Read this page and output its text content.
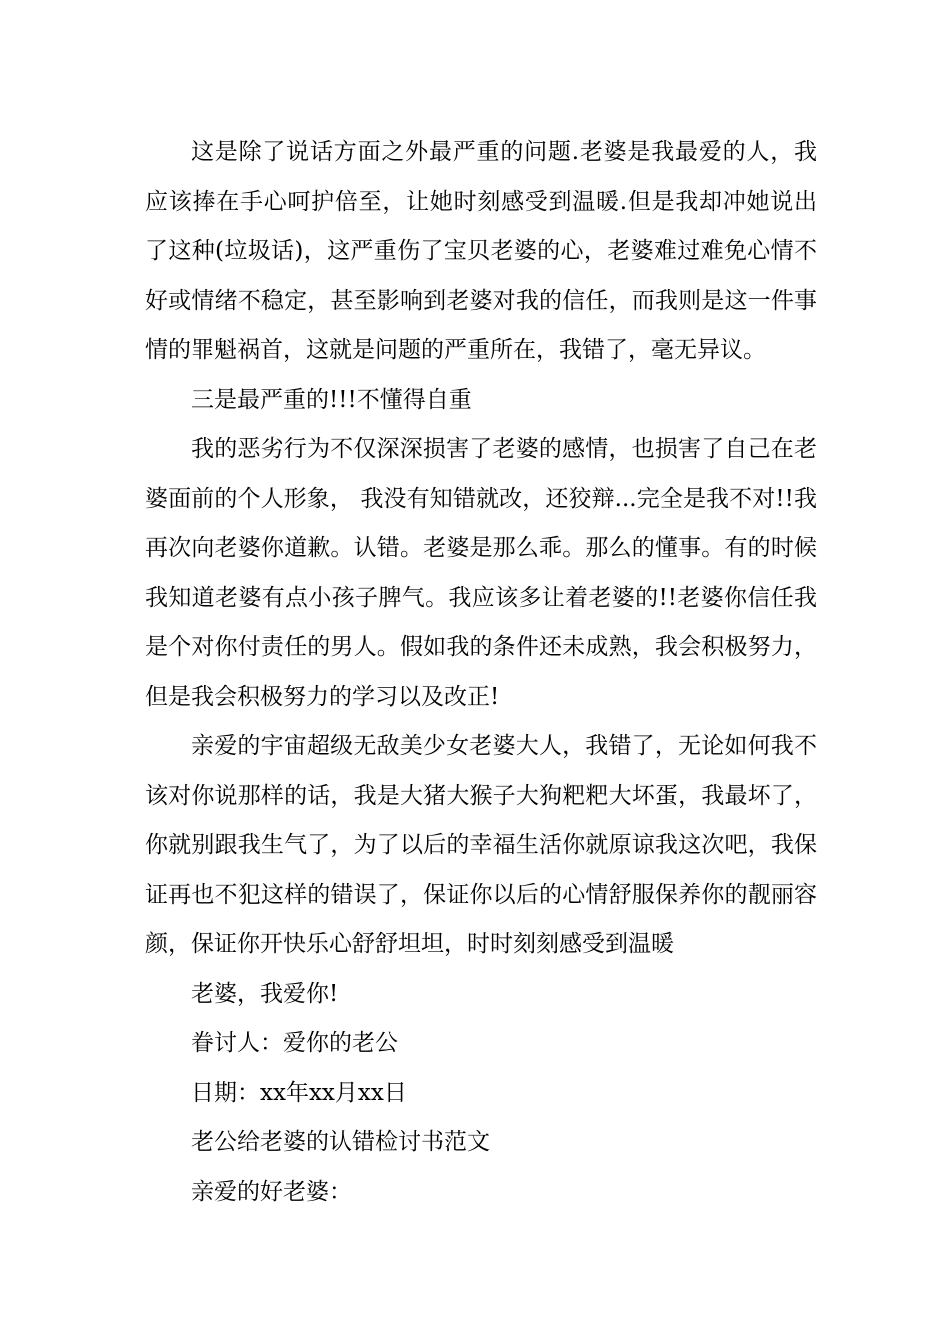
这是除了说话方面之外最严重的问题.老婆是我最爱的人，我应该捧在手心呵护倍至，让她时刻感受到温暖.但是我却冲她说出了这种(垃圾话)，这严重伤了宝贝老婆的心，老婆难过难免心情不好或情绪不稳定，甚至影响到老婆对我的信任，而我则是这一件事情的罪魁祸首，这就是问题的严重所在，我错了，毫无异议。

三是最严重的!!!不懂得自重

我的恶劣行为不仅深深损害了老婆的感情，也损害了自己在老婆面前的个人形象， 我没有知错就改，还狡辩...完全是我不对!!我再次向老婆你道歉。认错。老婆是那么乖。那么的懂事。有的时候我知道老婆有点小孩子脾气。我应该多让着老婆的!!老婆你信任我是个对你付责任的男人。假如我的条件还未成熟，我会积极努力，但是我会积极努力的学习以及改正!

亲爱的宇宙超级无敌美少女老婆大人，我错了，无论如何我不该对你说那样的话，我是大猪大猴子大狗粑粑大坏蛋，我最坏了，你就别跟我生气了，为了以后的幸福生活你就原谅我这次吧，我保证再也不犯这样的错误了，保证你以后的心情舒服保养你的靓丽容颜，保证你开快乐心舒舒坦坦，时时刻刻感受到温暖

老婆，我爱你!

眷讨人：爱你的老公

日期：xx年xx月xx日

老公给老婆的认错检讨书范文

亲爱的好老婆：
